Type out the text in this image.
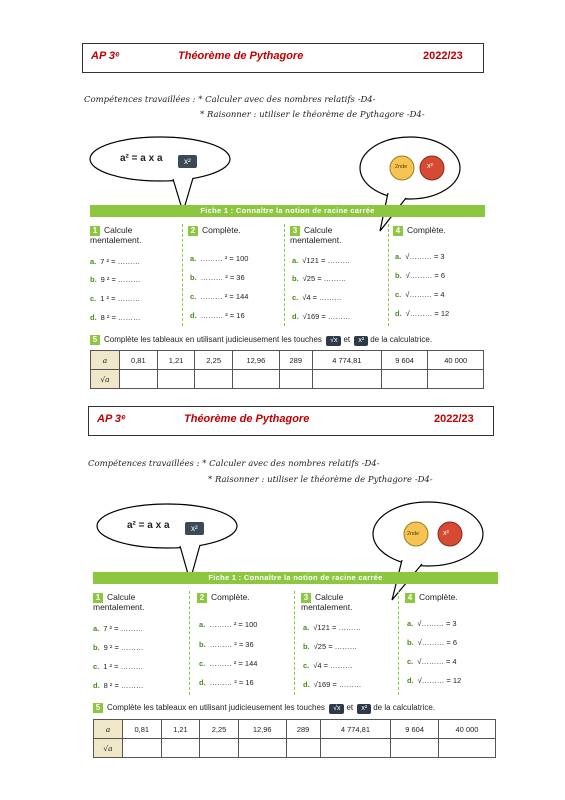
AP 3ᵉ	Théorème de Pythagore	2022/23
Compétences travaillées : * Calculer avec des nombres relatifs -D4-
* Raisonner : utiliser le théorème de Pythagore -D4-
a² = a x a	x²
2nde	x²
Fiche 1 : Connaître la notion de racine carrée
1 Calcule mentalement.
a. 7 ² = ………
b. 9 ² = ………
c. 1 ² = ………
d. 8 ² = ………
2 Complète.
a. ……… ² = 100
b. ……… ² = 36
c. ……… ² = 144
d. ……… ² = 16
3 Calcule mentalement.
a. √121 = ………
b. √25 = ………
c. √4 = ………
d. √169 = ………
4 Complète.
a. √……… = 3
b. √……… = 6
c. √……… = 4
d. √……… = 12
5 Complète les tableaux en utilisant judicieusement les touches √x et x² de la calculatrice.
a	0,81	1,21	2,25	12,96	289	4 774,81	9 604	40 000
√a								
AP 3ᵉ	Théorème de Pythagore	2022/23
Compétences travaillées : * Calculer avec des nombres relatifs -D4-
* Raisonner : utiliser le théorème de Pythagore -D4-
a² = a x a	x²
2nde	x²
Fiche 1 : Connaître la notion de racine carrée
1 Calcule mentalement.
a. 7 ² = ………
b. 9 ² = ………
c. 1 ² = ………
d. 8 ² = ………
2 Complète.
a. ……… ² = 100
b. ……… ² = 36
c. ……… ² = 144
d. ……… ² = 16
3 Calcule mentalement.
a. √121 = ………
b. √25 = ………
c. √4 = ………
d. √169 = ………
4 Complète.
a. √……… = 3
b. √……… = 6
c. √……… = 4
d. √……… = 12
5 Complète les tableaux en utilisant judicieusement les touches √x et x² de la calculatrice.
a	0,81	1,21	2,25	12,96	289	4 774,81	9 604	40 000
√a								
